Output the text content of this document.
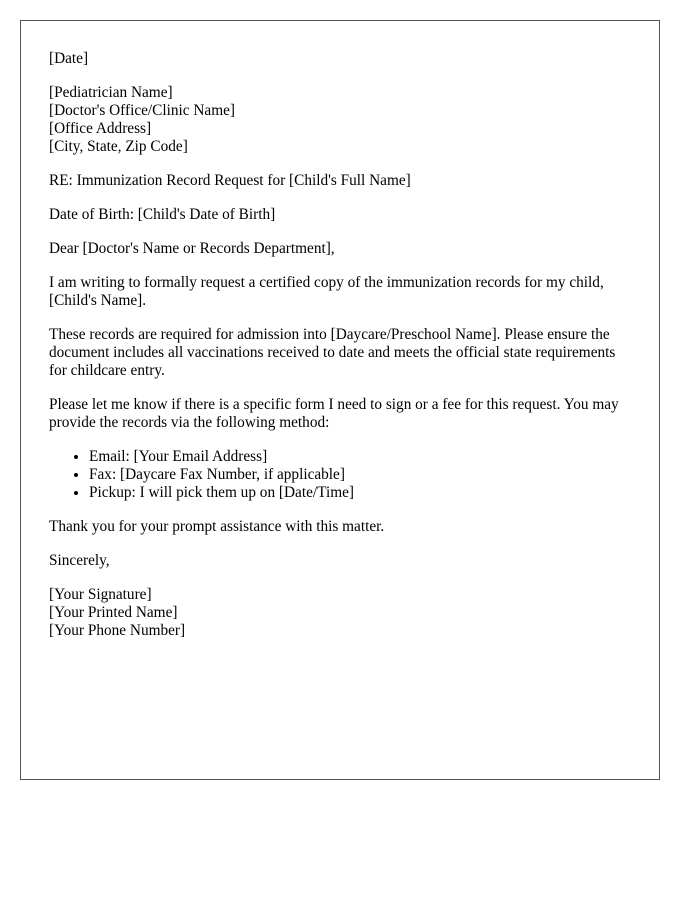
[Date]
[Pediatrician Name]
[Doctor's Office/Clinic Name]
[Office Address]
[City, State, Zip Code]
RE: Immunization Record Request for [Child's Full Name]
Date of Birth: [Child's Date of Birth]
Dear [Doctor's Name or Records Department],
I am writing to formally request a certified copy of the immunization records for my child, [Child's Name].
These records are required for admission into [Daycare/Preschool Name]. Please ensure the document includes all vaccinations received to date and meets the official state requirements for childcare entry.
Please let me know if there is a specific form I need to sign or a fee for this request. You may provide the records via the following method:
• Email: [Your Email Address]
• Fax: [Daycare Fax Number, if applicable]
• Pickup: I will pick them up on [Date/Time]
Thank you for your prompt assistance with this matter.
Sincerely,
[Your Signature]
[Your Printed Name]
[Your Phone Number]
